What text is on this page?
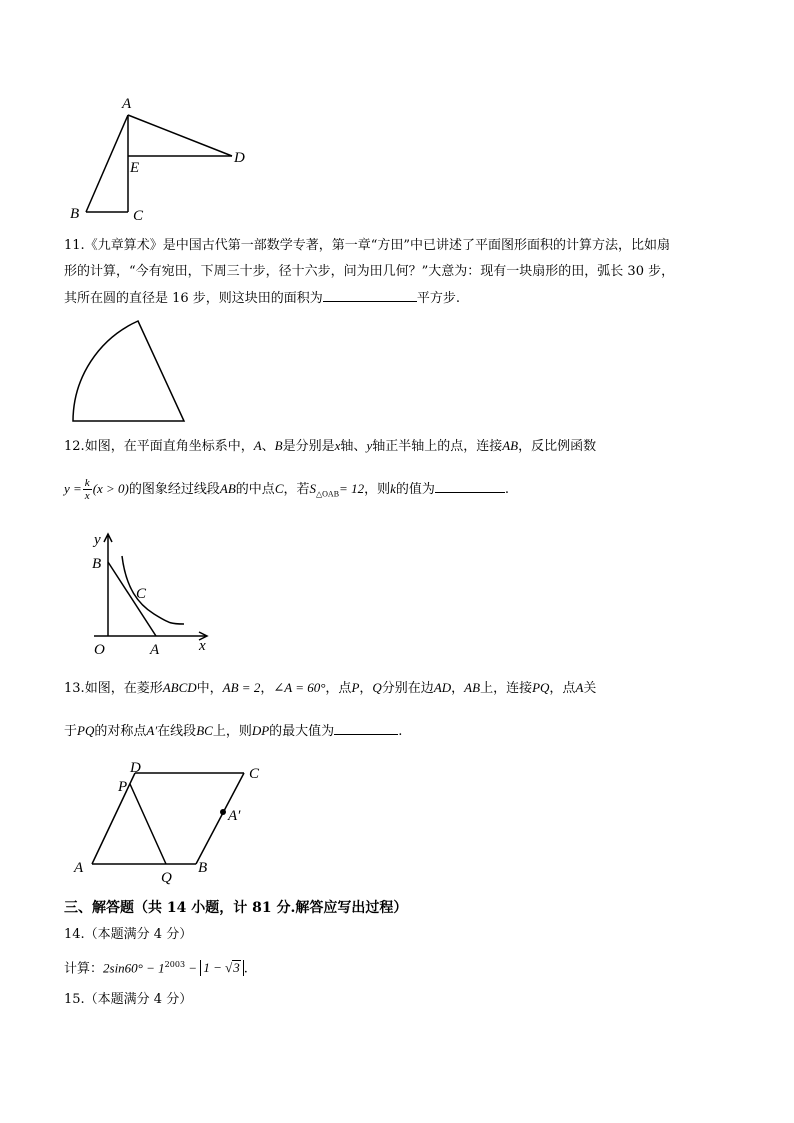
A
B	C
D
E
11.《九章算术》是中国古代第一部数学专著，第一章“方田”中已讲述了平面图形面积的计算方法，比如扇
形的计算，“今有宛田，下周三十步，径十六步，问为田几何？”大意为：现有一块扇形的田，弧长 30 步，
其所在圆的直径是 16 步，则这块田的面积为	平方步.
12.如图，在平面直角坐标系中，A、B是分别是x轴、y轴正半轴上的点，连接AB，反比例函数
$y = \frac{k}{x} (x > 0)$的图象经过线段AB的中点C，若$S_{\triangle OAB}= 12$，则k的值为	.
y
x
B
C
O	A
13.如图，在菱形ABCD中，AB = 2，∠A = 60°，点P，Q分别在边AD，AB上，连接PQ，点A关
于PQ的对称点A′在线段BC上，则DP的最大值为	.
D	C
P
A′
A
Q
B
三、解答题（共 14 小题，计 81 分.解答应写出过程）
14.（本题满分 4 分）
计算：$2\sin 60^\circ - 1^{2003} - 1 - √3$ .
15.（本题满分 4 分）
